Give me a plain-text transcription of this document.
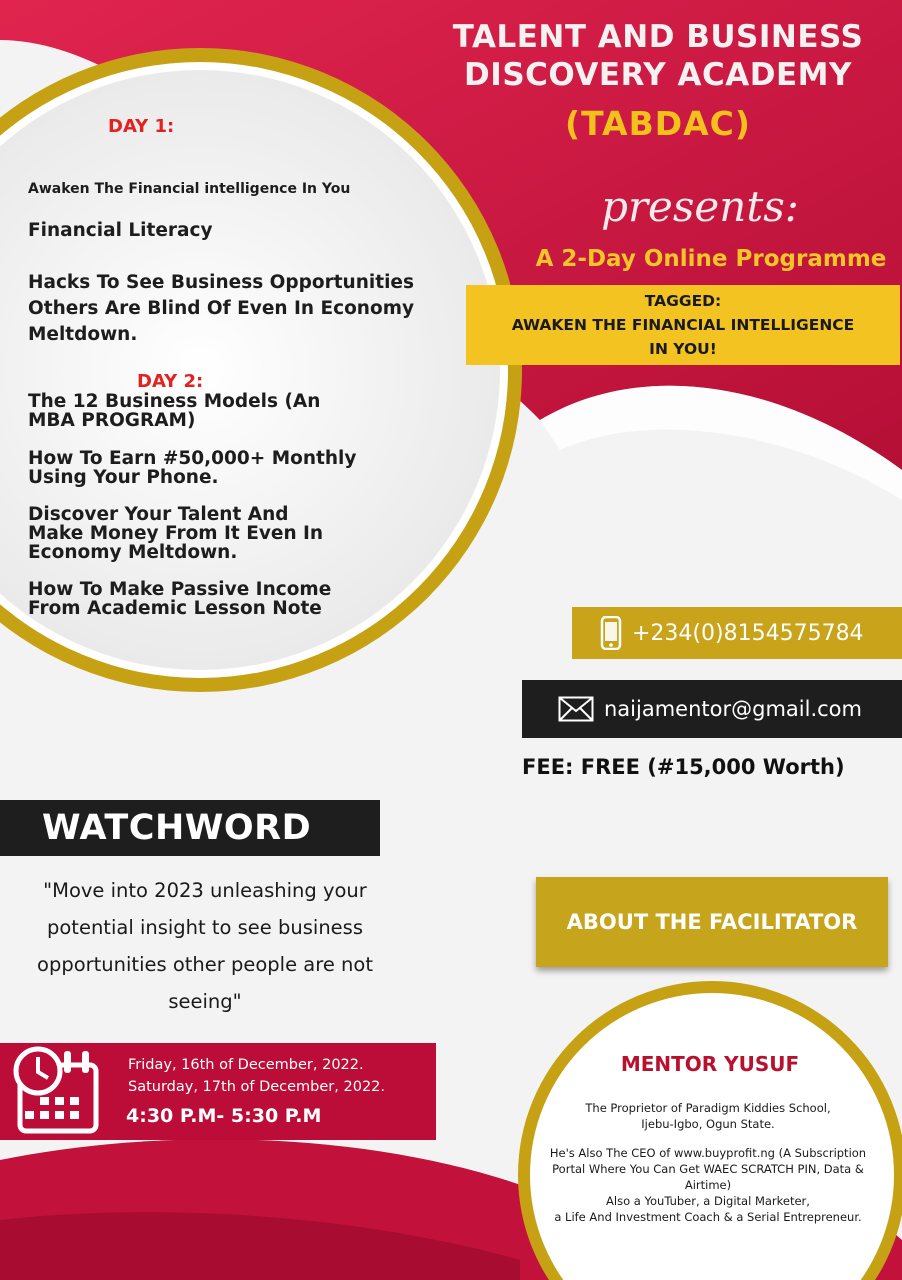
TALENT AND BUSINESS
DISCOVERY ACADEMY
(TABDAC)
presents:
A 2-Day Online Programme
TAGGED:
AWAKEN THE FINANCIAL INTELLIGENCE
IN YOU!
DAY 1:
Awaken The Financial intelligence In You
Financial Literacy
Hacks To See Business Opportunities
Others Are Blind Of Even In Economy
Meltdown.
DAY 2:
The 12 Business Models (An
MBA PROGRAM)
How To Earn #50,000+ Monthly
Using Your Phone.
Discover Your Talent And
Make Money From It Even In
Economy Meltdown.
How To Make Passive Income
From Academic Lesson Note
+234(0)8154575784
naijamentor@gmail.com
FEE: FREE (#15,000 Worth)
WATCHWORD
"Move into 2023 unleashing your
potential insight to see business
opportunities other people are not
seeing"
Friday, 16th of December, 2022.
Saturday, 17th of December, 2022.
4:30 P.M- 5:30 P.M
ABOUT THE FACILITATOR
MENTOR YUSUF

The Proprietor of Paradigm Kiddies School,
Ijebu-Igbo, Ogun State.

He's Also The CEO of www.buyprofit.ng (A Subscription
Portal Where You Can Get WAEC SCRATCH PIN, Data &
Airtime)
Also a YouTuber, a Digital Marketer,
a Life And Investment Coach & a Serial Entrepreneur.
